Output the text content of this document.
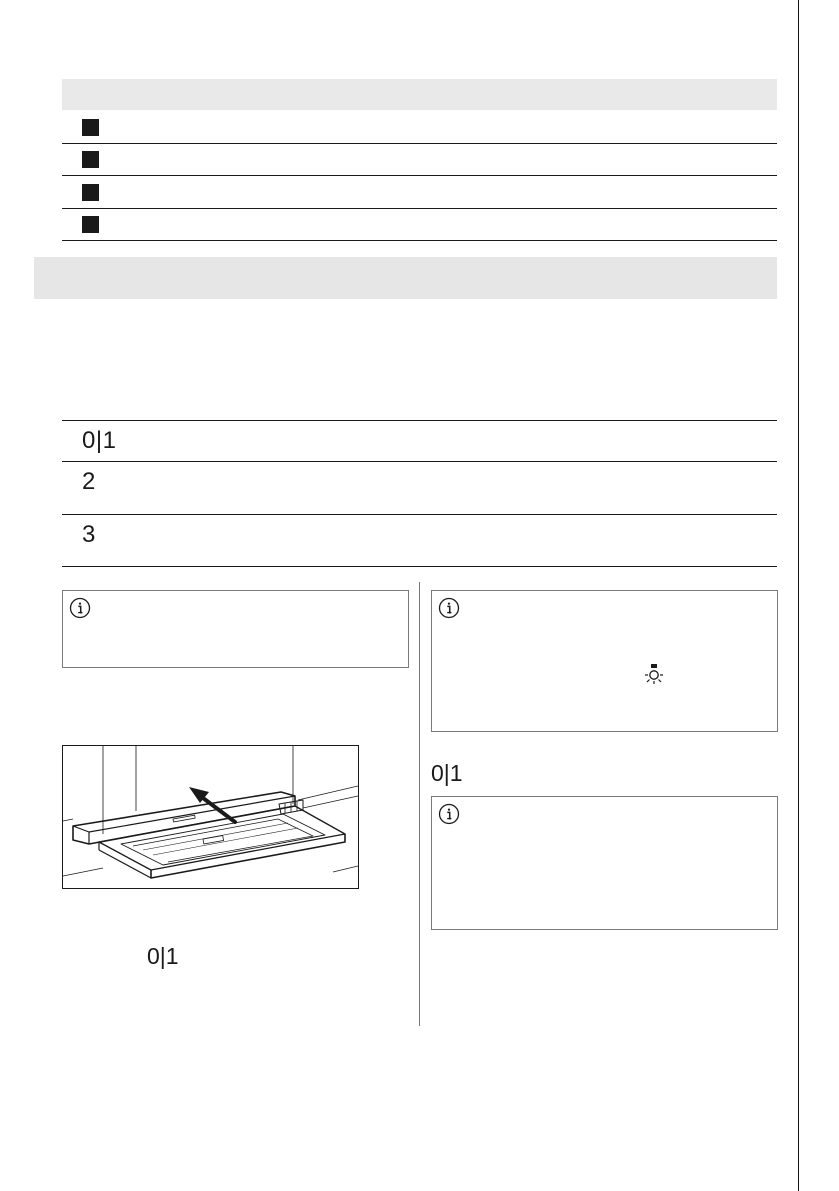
0|1
2
3
0|1
0|1
